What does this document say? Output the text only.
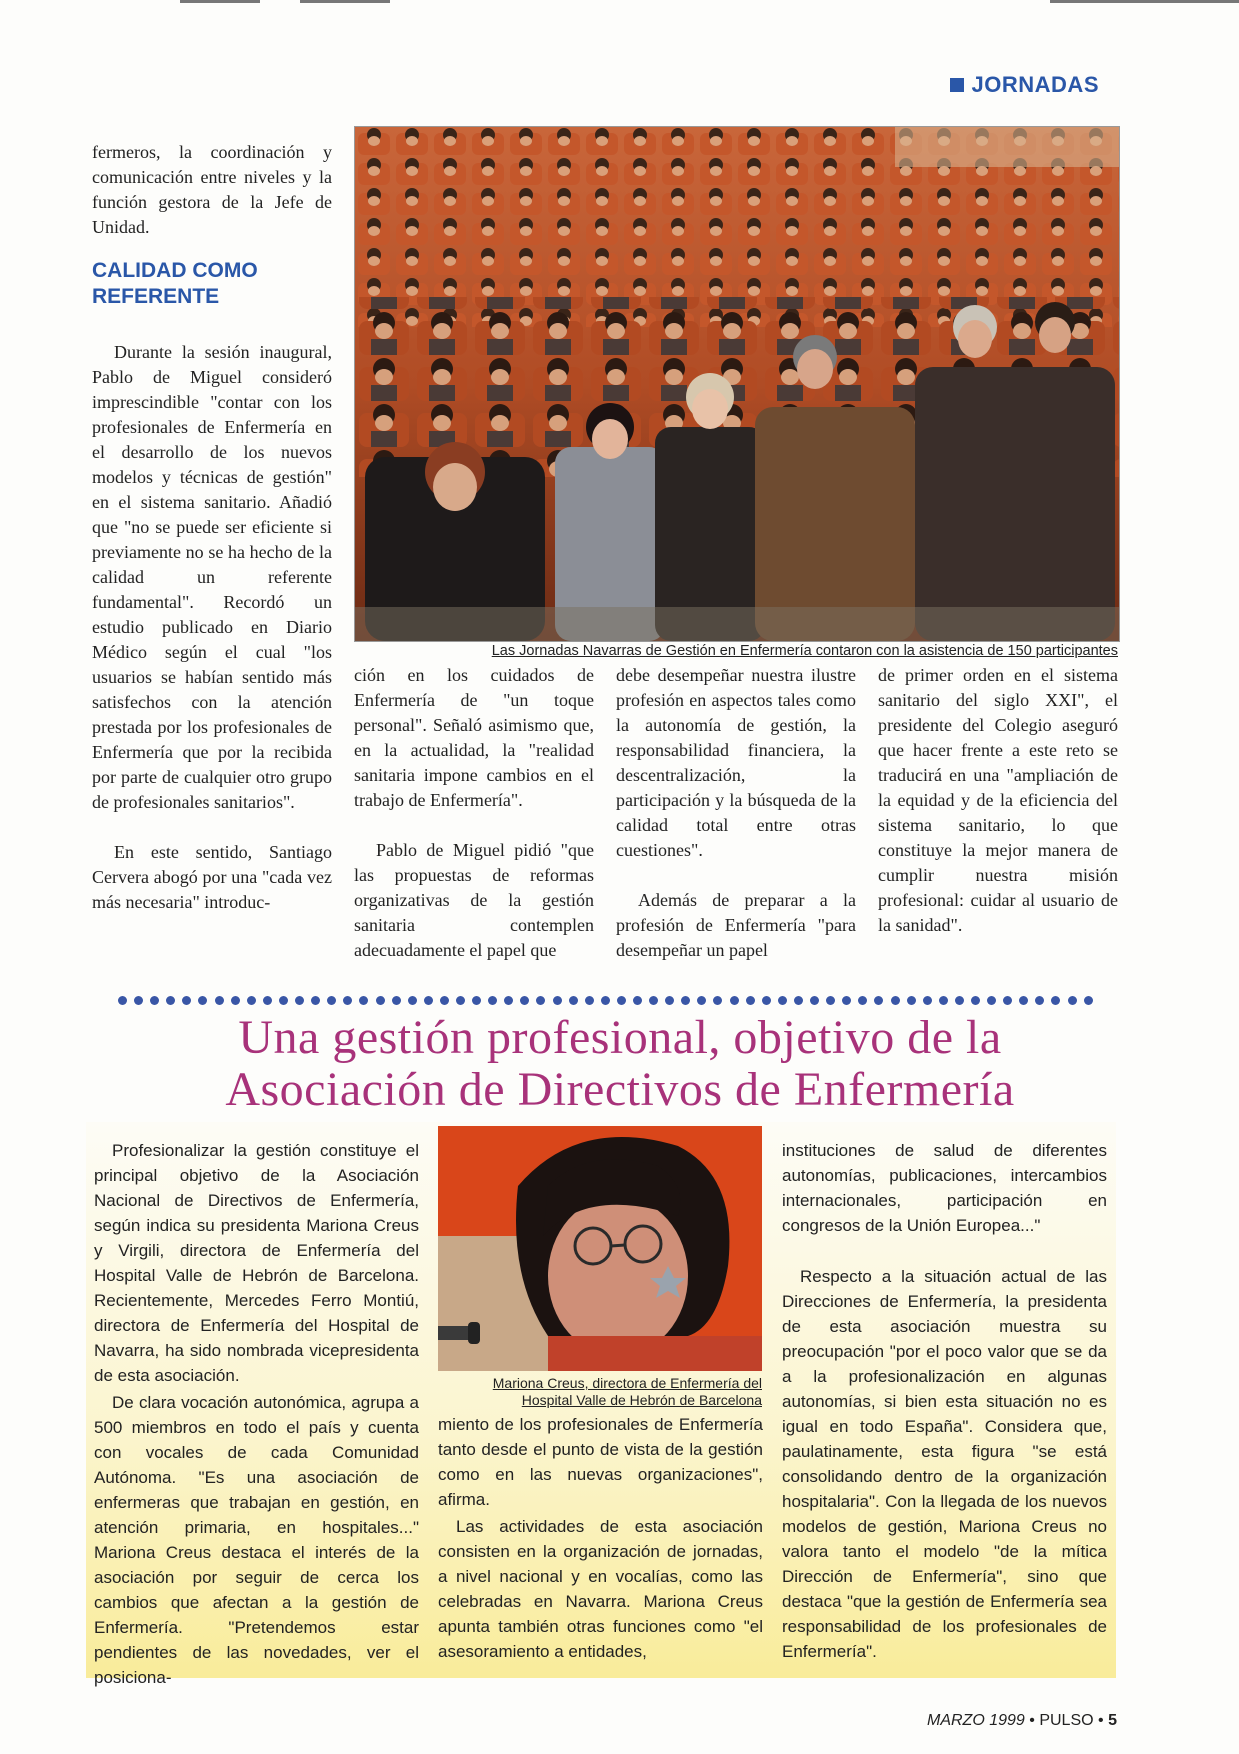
JORNADAS

fermeros, la coordinación y comunicación entre niveles y la función gestora de la Jefe de Unidad.

CALIDAD COMO REFERENTE

Durante la sesión inaugural, Pablo de Miguel consideró imprescindible "contar con los profesionales de Enfermería en el desarrollo de los nuevos modelos y técnicas de gestión" en el sistema sanitario. Añadió que "no se puede ser eficiente si previamente no se ha hecho de la calidad un referente fundamental". Recordó un estudio publicado en Diario Médico según el cual "los usuarios se habían sentido más satisfechos con la atención prestada por los profesionales de Enfermería que por la recibida por parte de cualquier otro grupo de profesionales sanitarios".

En este sentido, Santiago Cervera abogó por una "cada vez más necesaria" introduc-

Las Jornadas Navarras de Gestión en Enfermería contaron con la asistencia de 150 participantes

ción en los cuidados de Enfermería de "un toque personal". Señaló asimismo que, en la actualidad, la "realidad sanitaria impone cambios en el trabajo de Enfermería".

Pablo de Miguel pidió "que las propuestas de reformas organizativas de la gestión sanitaria contemplen adecuadamente el papel que

debe desempeñar nuestra ilustre profesión en aspectos tales como la autonomía de gestión, la responsabilidad financiera, la descentralización, la participación y la búsqueda de la calidad total entre otras cuestiones".

Además de preparar a la profesión de Enfermería "para desempeñar un papel

de primer orden en el sistema sanitario del siglo XXI", el presidente del Colegio aseguró que hacer frente a este reto se traducirá en una "ampliación de la equidad y de la eficiencia del sistema sanitario, lo que constituye la mejor manera de cumplir nuestra misión profesional: cuidar al usuario de la sanidad".

Una gestión profesional, objetivo de la
Asociación de Directivos de Enfermería

Profesionalizar la gestión constituye el principal objetivo de la Asociación Nacional de Directivos de Enfermería, según indica su presidenta Mariona Creus y Virgili, directora de Enfermería del Hospital Valle de Hebrón de Barcelona. Recientemente, Mercedes Ferro Montiú, directora de Enfermería del Hospital de Navarra, ha sido nombrada vicepresidenta de esta asociación.

De clara vocación autonómica, agrupa a 500 miembros en todo el país y cuenta con vocales de cada Comunidad Autónoma. "Es una asociación de enfermeras que trabajan en gestión, en atención primaria, en hospitales..." Mariona Creus destaca el interés de la asociación por seguir de cerca los cambios que afectan a la gestión de Enfermería. "Pretendemos estar pendientes de las novedades, ver el posiciona-

Mariona Creus, directora de Enfermería del
Hospital Valle de Hebrón de Barcelona

miento de los profesionales de Enfermería tanto desde el punto de vista de la gestión como en las nuevas organizaciones", afirma.

Las actividades de esta asociación consisten en la organización de jornadas, a nivel nacional y en vocalías, como las celebradas en Navarra. Mariona Creus apunta también otras funciones como "el asesoramiento a entidades,

instituciones de salud de diferentes autonomías, publicaciones, intercambios internacionales, participación en congresos de la Unión Europea..."

Respecto a la situación actual de las Direcciones de Enfermería, la presidenta de esta asociación muestra su preocupación "por el poco valor que se da a la profesionalización en algunas autonomías, si bien esta situación no es igual en todo España". Considera que, paulatinamente, esta figura "se está consolidando dentro de la organización hospitalaria". Con la llegada de los nuevos modelos de gestión, Mariona Creus no valora tanto el modelo "de la mítica Dirección de Enfermería", sino que destaca "que la gestión de Enfermería sea responsabilidad de los profesionales de Enfermería".

MARZO 1999 • PULSO • 5
